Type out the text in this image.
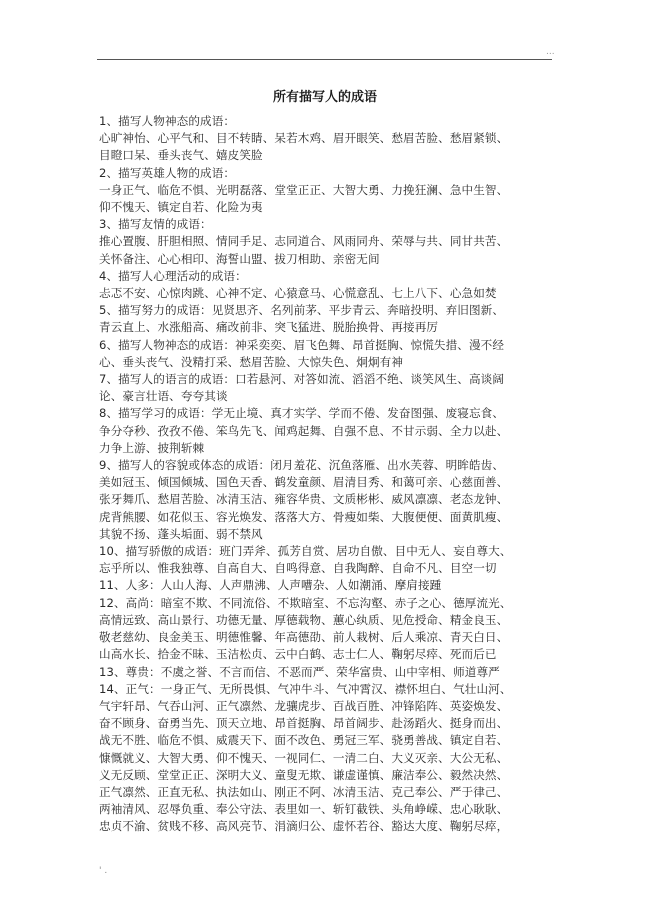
...
所有描写人的成语
1、描写人物神态的成语：
心旷神怡、心平气和、目不转睛、呆若木鸡、眉开眼笑、愁眉苦脸、愁眉紧锁、
目瞪口呆、垂头丧气、嬉皮笑脸
2、描写英雄人物的成语：
一身正气、临危不惧、光明磊落、堂堂正正、大智大勇、力挽狂澜、急中生智、
仰不愧天、镇定自若、化险为夷
3、描写友情的成语：
推心置腹、肝胆相照、情同手足、志同道合、风雨同舟、荣辱与共、同甘共苦、
关怀备注、心心相印、海誓山盟、拔刀相助、亲密无间
4、描写人心理活动的成语：
忐忑不安、心惊肉跳、心神不定、心猿意马、心慌意乱、七上八下、心急如焚
5、描写努力的成语：见贤思齐、名列前茅、平步青云、奔暗投明、弃旧图新、
青云直上、水涨船高、痛改前非、突飞猛进、脱胎换骨、再接再厉
6、描写人物神态的成语：神采奕奕、眉飞色舞、昂首挺胸、惊慌失措、漫不经
心、垂头丧气、没精打采、愁眉苦脸、大惊失色、炯炯有神
7、描写人的语言的成语：口若悬河、对答如流、滔滔不绝、谈笑风生、高谈阔
论、豪言壮语、夸夸其谈
8、描写学习的成语：学无止境、真才实学、学而不倦、发奋图强、废寝忘食、
争分夺秒、孜孜不倦、笨鸟先飞、闻鸡起舞、自强不息、不甘示弱、全力以赴、
力争上游、披荆斩棘
9、描写人的容貌或体态的成语：闭月羞花、沉鱼落雁、出水芙蓉、明眸皓齿、
美如冠玉、倾国倾城、国色天香、鹤发童颜、眉清目秀、和蔼可亲、心慈面善、
张牙舞爪、愁眉苦脸、冰清玉洁、雍容华贵、文质彬彬、威风凛凛、老态龙钟、
虎背熊腰、如花似玉、容光焕发、落落大方、骨瘦如柴、大腹便便、面黄肌瘦、
其貌不扬、蓬头垢面、弱不禁风
10、描写骄傲的成语：班门弄斧、孤芳自赏、居功自傲、目中无人、妄自尊大、
忘乎所以、惟我独尊、自高自大、自鸣得意、自我陶醉、自命不凡、目空一切
11、人多：人山人海、人声鼎沸、人声嘈杂、人如潮涌、摩肩接踵
12、高尚：暗室不欺、不同流俗、不欺暗室、不忘沟壑、赤子之心、德厚流光、
高情远致、高山景行、功德无量、厚德载物、蕙心纨质、见危授命、精金良玉、
敬老慈幼、良金美玉、明德惟馨、年高德劭、前人栽树、后人乘凉、青天白日、
山高水长、拾金不昧、玉洁松贞、云中白鹤、志士仁人、鞠躬尽瘁、死而后已
13、尊贵：不虞之誉、不言而信、不恶而严、荣华富贵、山中宰相、师道尊严
14、正气：一身正气、无所畏惧、气冲牛斗、气冲霄汉、襟怀坦白、气壮山河、
气宇轩昂、气吞山河、正气凛然、龙骧虎步、百战百胜、冲锋陷阵、英姿焕发、
奋不顾身、奋勇当先、顶天立地、昂首挺胸、昂首阔步、赴汤蹈火、挺身而出、
战无不胜、临危不惧、威震天下、面不改色、勇冠三军、骁勇善战、镇定自若、
慷慨就义、大智大勇、仰不愧天、一视同仁、一清二白、大义灭亲、大公无私、
义无反顾、堂堂正正、深明大义、童叟无欺、谦虚谨慎、廉洁奉公、毅然决然、
正气凛然、正直无私、执法如山、刚正不阿、冰清玉洁、克己奉公、严于律己、
两袖清风、忍辱负重、奉公守法、表里如一、斩钉截铁、头角峥嵘、忠心耿耿、
忠贞不渝、贫贱不移、高风亮节、涓滴归公、虚怀若谷、豁达大度、鞠躬尽瘁，
' .
